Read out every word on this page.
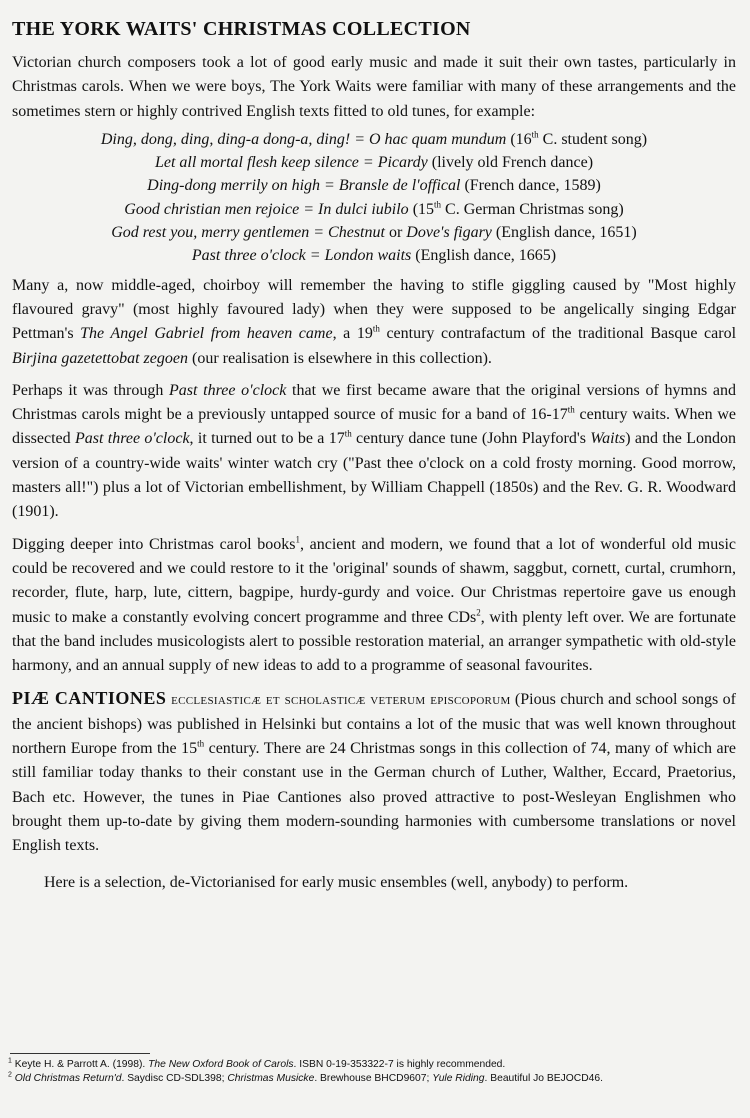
THE YORK WAITS' CHRISTMAS COLLECTION

Victorian church composers took a lot of good early music and made it suit their own tastes, particularly in Christmas carols. When we were boys, The York Waits were familiar with many of these arrangements and the sometimes stern or highly contrived English texts fitted to old tunes, for example:

Ding, dong, ding, ding-a dong-a, ding! = O hac quam mundum (16th C. student song)
Let all mortal flesh keep silence = Picardy (lively old French dance)
Ding-dong merrily on high = Bransle de l'offical (French dance, 1589)
Good christian men rejoice = In dulci iubilo (15th C. German Christmas song)
God rest you, merry gentlemen = Chestnut or Dove's figary (English dance, 1651)
Past three o'clock = London waits (English dance, 1665)

Many a, now middle-aged, choirboy will remember the having to stifle giggling caused by "Most highly flavoured gravy" (most highly favoured lady) when they were supposed to be angelically singing Edgar Pettman's The Angel Gabriel from heaven came, a 19th century contrafactum of the traditional Basque carol Birjina gazetettobat zegoen (our realisation is elsewhere in this collection).

Perhaps it was through Past three o'clock that we first became aware that the original versions of hymns and Christmas carols might be a previously untapped source of music for a band of 16-17th century waits. When we dissected Past three o'clock, it turned out to be a 17th century dance tune (John Playford's Waits) and the London version of a country-wide waits' winter watch cry ("Past thee o'clock on a cold frosty morning. Good morrow, masters all!") plus a lot of Victorian embellishment, by William Chappell (1850s) and the Rev. G. R. Woodward (1901).

Digging deeper into Christmas carol books$^1$, ancient and modern, we found that a lot of wonderful old music could be recovered and we could restore to it the 'original' sounds of shawm, saggbut, cornett, curtal, crumhorn, recorder, flute, harp, lute, cittern, bagpipe, hurdy-gurdy and voice. Our Christmas repertoire gave us enough music to make a constantly evolving concert programme and three CDs$^2$, with plenty left over. We are fortunate that the band includes musicologists alert to possible restoration material, an arranger sympathetic with old-style harmony, and an annual supply of new ideas to add to a programme of seasonal favourites.

PIÆ CANTIONES ecclesiasticæ et scholasticæ veterum episcoporum (Pious church and school songs of the ancient bishops) was published in Helsinki but contains a lot of the music that was well known throughout northern Europe from the 15th century. There are 24 Christmas songs in this collection of 74, many of which are still familiar today thanks to their constant use in the German church of Luther, Walther, Eccard, Praetorius, Bach etc. However, the tunes in Piae Cantiones also proved attractive to post-Wesleyan Englishmen who brought them up-to-date by giving them modern-sounding harmonies with cumbersome translations or novel English texts.

Here is a selection, de-Victorianised for early music ensembles (well, anybody) to perform.

$^1$ Keyte H. & Parrott A. (1998). The New Oxford Book of Carols. ISBN 0-19-353322-7 is highly recommended.
$^2$ Old Christmas Return'd. Saydisc CD-SDL398; Christmas Musicke. Brewhouse BHCD9607; Yule Riding. Beautiful Jo BEJOCD46.
